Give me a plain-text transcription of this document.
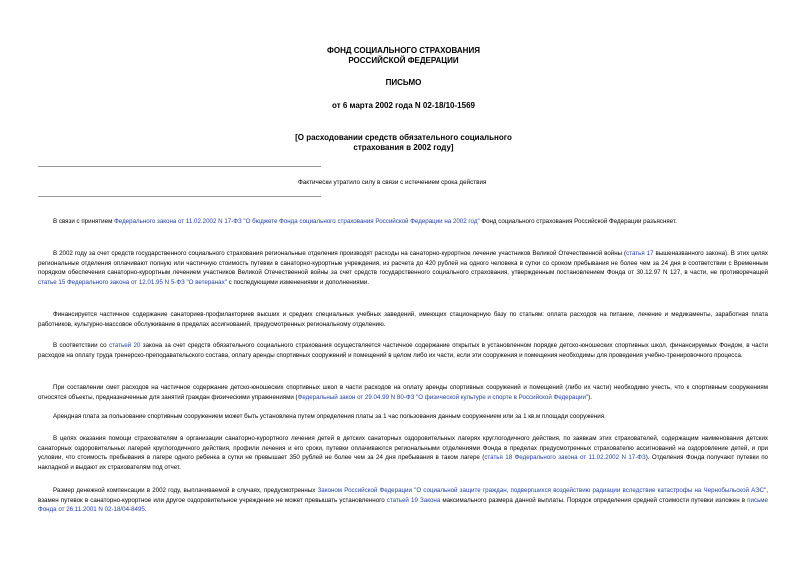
ФОНД СОЦИАЛЬНОГО СТРАХОВАНИЯ
РОССИЙСКОЙ ФЕДЕРАЦИИ
ПИСЬМО
от 6 марта 2002 года N 02-18/10-1569
[О расходовании средств обязательного социального
страхования в 2002 году]
Фактически утратило силу в связи с истечением срока действия

В связи с принятием Федерального закона от 11.02.2002 N 17-ФЗ "О бюджете Фонда социального страхования Российской Федерации на 2002 год" Фонд социального страхования Российской Федерации разъясняет.

В 2002 году за счет средств государственного социального страхования региональные отделения производят расходы на санаторно-курортное лечение участников Великой Отечественной войны (статья 17 вышеназванного закона). В этих целях региональные отделения оплачивают полную или частичную стоимость путевки в санаторно-курортные учреждения, из расчета до 420 рублей на одного человека в сутки со сроком пребывания не более чем за 24 дня в соответствии с Временным порядком обеспечения санаторно-курортным лечением участников Великой Отечественной войны за счет средств государственного социального страхования, утвержденным постановлением Фонда от 30.12.97 N 127, в части, не противоречащей статье 15 Федерального закона от 12.01.95 N 5-ФЗ "О ветеранах" с последующими изменениями и дополнениями.

Финансируется частичное содержание санаториев-профилакториев высших и средних специальных учебных заведений, имеющих стационарную базу по статьям: оплата расходов на питание, лечение и медикаменты, заработная плата работников, культурно-массовое обслуживание в пределах ассигнований, предусмотренных региональному отделению.

В соответствии со статьей 20 закона за счет средств обязательного социального страхования осуществляется частичное содержание открытых в установленном порядке детско-юношеских спортивных школ, финансируемых Фондом, в части расходов на оплату труда тренерско-преподавательского состава, оплату аренды спортивных сооружений и помещений в целом либо их части, если эти сооружения и помещения необходимы для проведения учебно-тренировочного процесса.

При составлении смет расходов на частичное содержание детско-юношеских спортивных школ в части расходов на оплату аренды спортивных сооружений и помещений (либо их части) необходимо учесть, что к спортивным сооружениям относятся объекты, предназначенные для занятий граждан физическими упражнениями (Федеральный закон от 29.04.99 N 80-ФЗ "О физической культуре и спорте в Российской Федерации").

Арендная плата за пользование спортивным сооружением может быть установлена путем определения платы за 1 час пользования данным сооружением или за 1 кв.м площади сооружения.

В целях оказания помощи страхователям в организации санаторно-курортного лечения детей в детских санаторных оздоровительных лагерях круглогодичного действия, по заявкам этих страхователей, содержащим наименования детских санаторных оздоровительных лагерей круглогодичного действия, профили лечения и его сроки, путевки оплачиваются региональными отделениями Фонда в пределах предусмотренных страхователю ассигнований на оздоровление детей, и при условии, что стоимость пребывания в лагере одного ребенка в сутки не превышает 350 рублей не более чем за 24 дня пребывания в таком лагере (статья 18 Федерального закона от 11.02.2002 N 17-ФЗ). Отделения Фонда получают путевки по накладной и выдают их страхователям под отчет.

Размер денежной компенсации в 2002 году, выплачиваемой в случаях, предусмотренных Законом Российской Федерации "О социальной защите граждан, подвергшихся воздействию радиации вследствие катастрофы на Чернобыльской АЭС", взамен путевок в санаторно-курортное или другое оздоровительное учреждение не может превышать установленного статьей 19 Закона максимального размера данной выплаты. Порядок определения средней стоимости путевки изложен в письме Фонда от 26.11.2001 N 02-18/04-8495.
